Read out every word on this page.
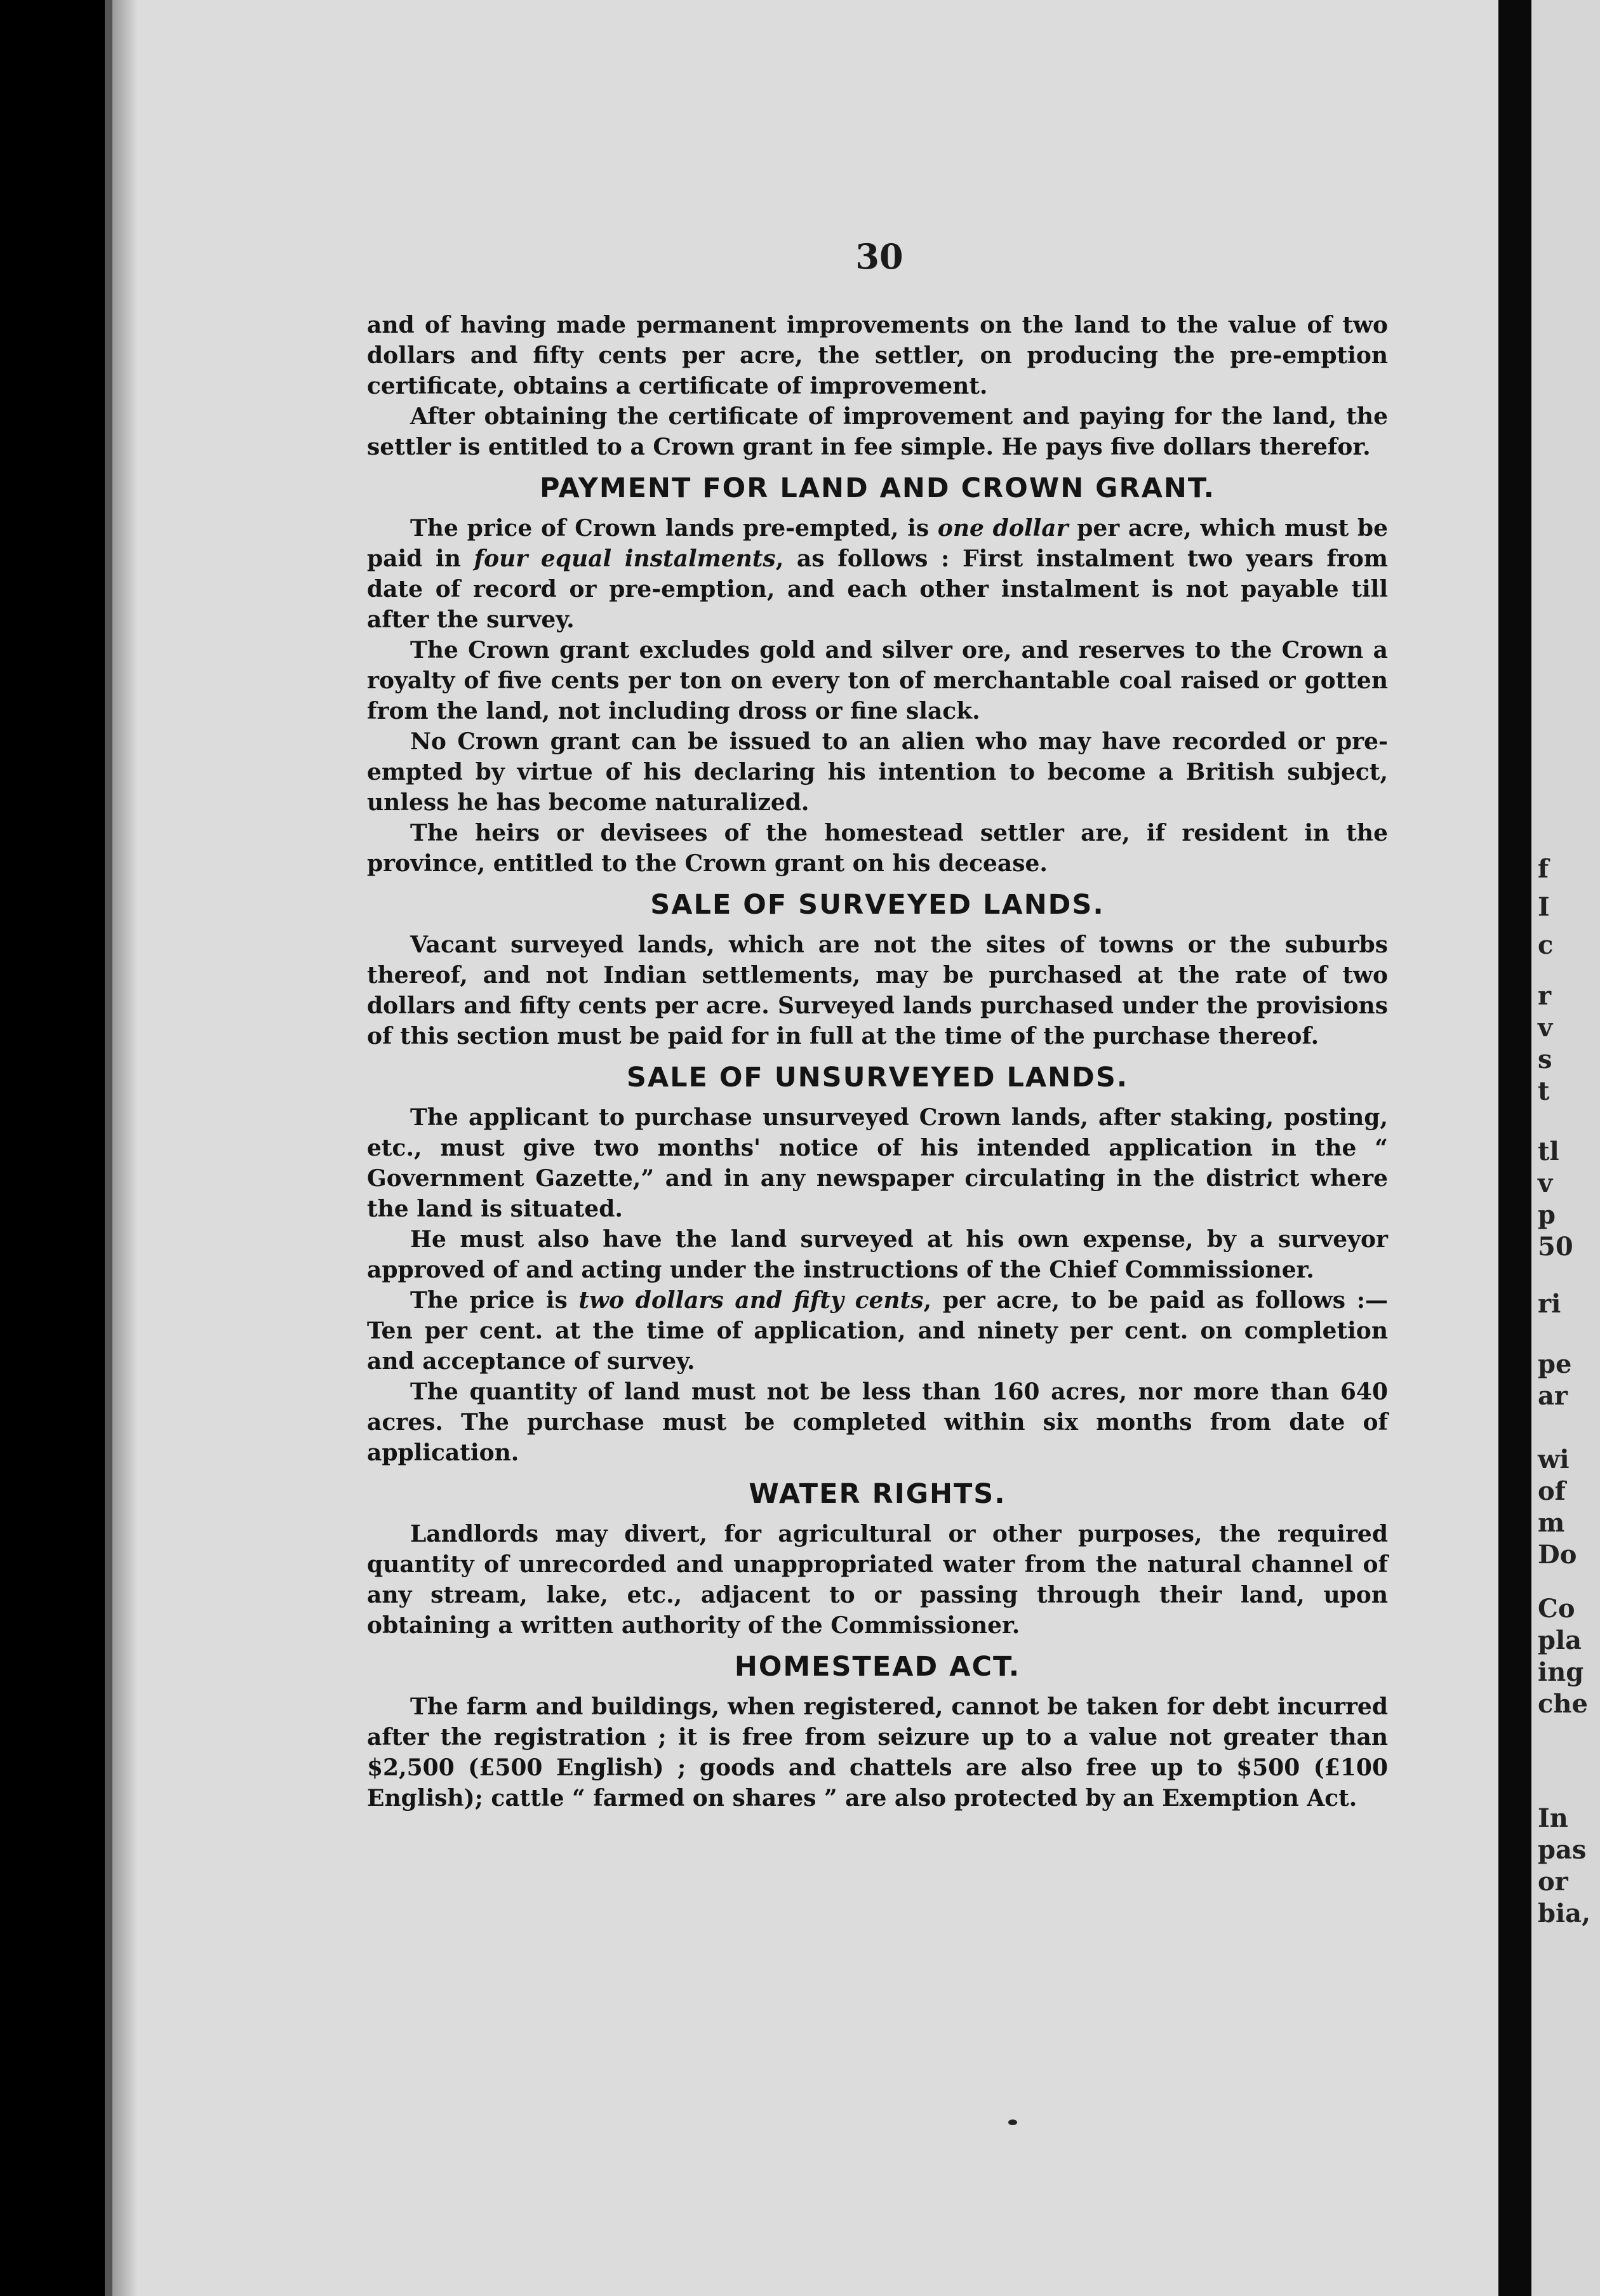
30

and of having made permanent improvements on the land to the value of two dollars and fifty cents per acre, the settler, on producing the pre-emption certificate, obtains a certificate of improvement.

After obtaining the certificate of improvement and paying for the land, the settler is entitled to a Crown grant in fee simple. He pays five dollars therefor.

PAYMENT FOR LAND AND CROWN GRANT.

The price of Crown lands pre-empted, is one dollar per acre, which must be paid in four equal instalments, as follows : First instalment two years from date of record or pre-emption, and each other instalment is not payable till after the survey.

The Crown grant excludes gold and silver ore, and reserves to the Crown a royalty of five cents per ton on every ton of merchantable coal raised or gotten from the land, not including dross or fine slack.

No Crown grant can be issued to an alien who may have recorded or pre-empted by virtue of his declaring his intention to become a British subject, unless he has become naturalized.

The heirs or devisees of the homestead settler are, if resident in the province, entitled to the Crown grant on his decease.

SALE OF SURVEYED LANDS.

Vacant surveyed lands, which are not the sites of towns or the suburbs thereof, and not Indian settlements, may be purchased at the rate of two dollars and fifty cents per acre. Surveyed lands purchased under the provisions of this section must be paid for in full at the time of the purchase thereof.

SALE OF UNSURVEYED LANDS.

The applicant to purchase unsurveyed Crown lands, after staking, posting, etc., must give two months' notice of his intended application in the “ Government Gazette,” and in any newspaper circulating in the district where the land is situated.

He must also have the land surveyed at his own expense, by a surveyor approved of and acting under the instructions of the Chief Commissioner.

The price is two dollars and fifty cents, per acre, to be paid as follows :— Ten per cent. at the time of application, and ninety per cent. on completion and acceptance of survey.

The quantity of land must not be less than 160 acres, nor more than 640 acres. The purchase must be completed within six months from date of application.

WATER RIGHTS.

Landlords may divert, for agricultural or other purposes, the required quantity of unrecorded and unappropriated water from the natural channel of any stream, lake, etc., adjacent to or passing through their land, upon obtaining a written authority of the Commissioner.

HOMESTEAD ACT.

The farm and buildings, when registered, cannot be taken for debt incurred after the registration ; it is free from seizure up to a value not greater than $2,500 (£500 English) ; goods and chattels are also free up to $500 (£100 English); cattle “ farmed on shares ” are also protected by an Exemption Act.

f
I
c
r
v
s
t
tl
v
p
50
ri
pe
ar
wi
of
m
Do
Co
pla
ing
che
In
pas
or
bia,
